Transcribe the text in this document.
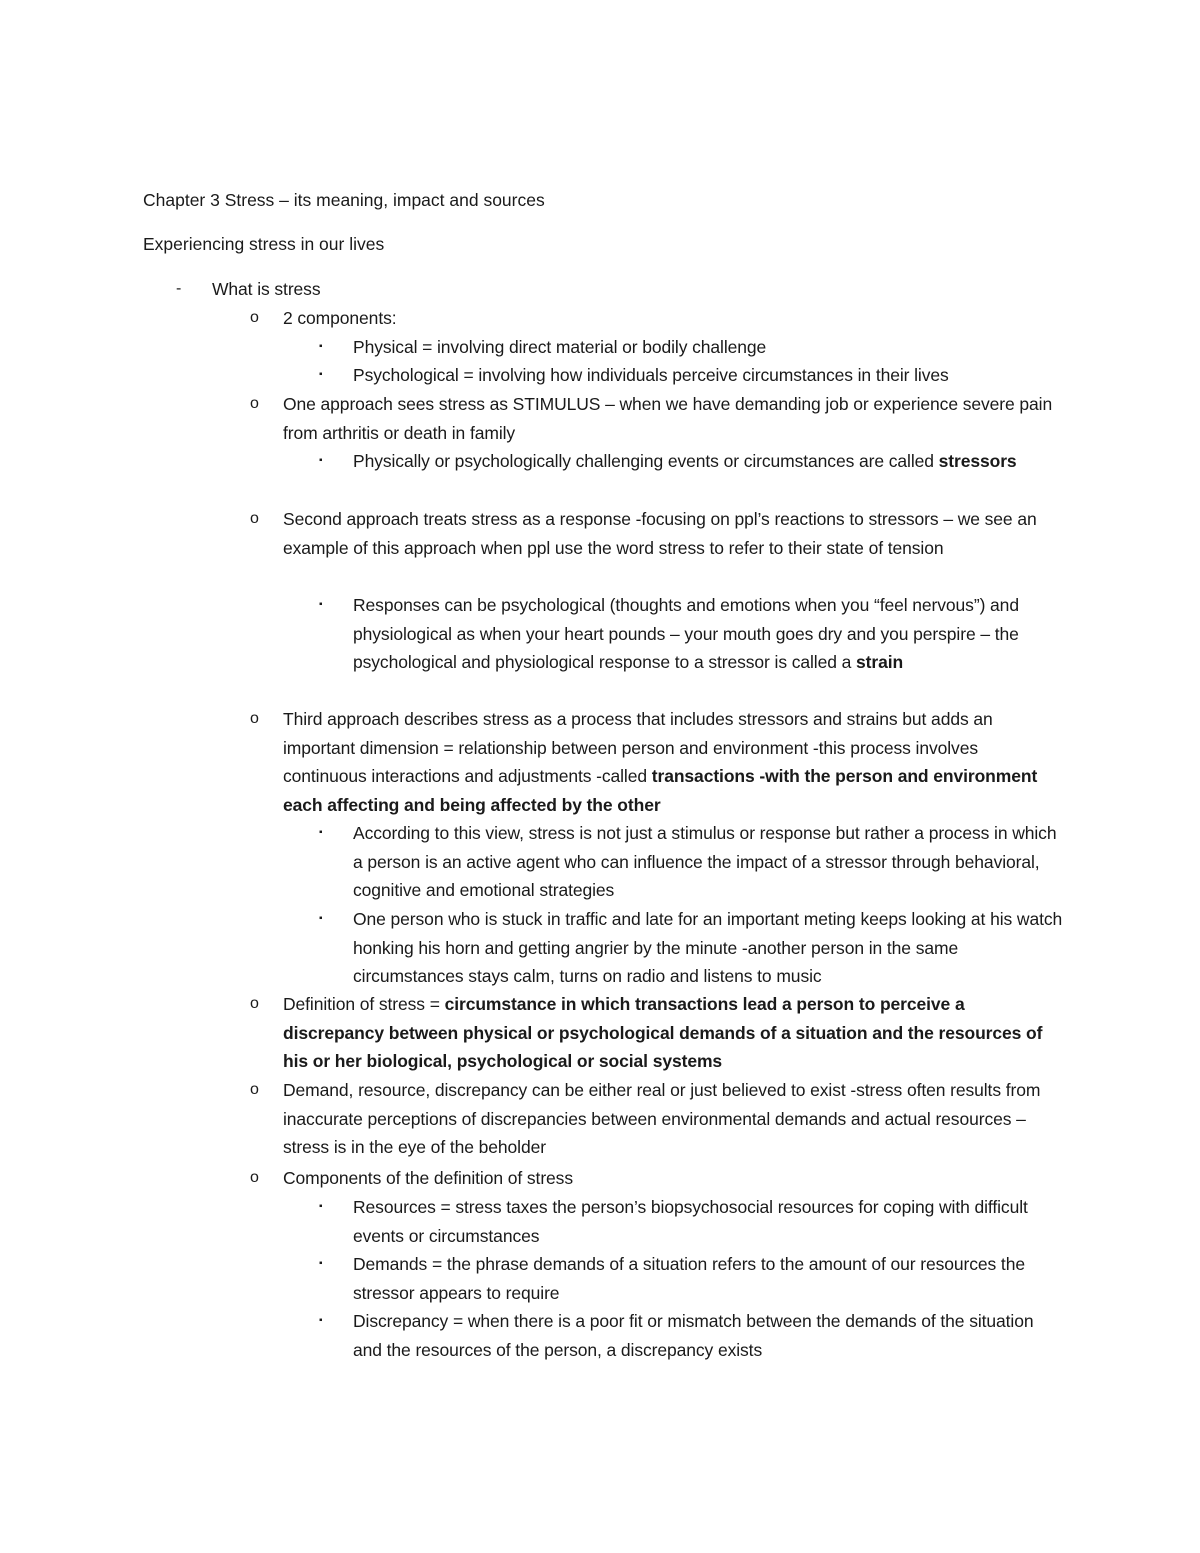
Chapter 3 Stress – its meaning, impact and sources
Experiencing stress in our lives
- What is stress
o 2 components:
▪ Physical = involving direct material or bodily challenge
▪ Psychological = involving how individuals perceive circumstances in their lives
o One approach sees stress as STIMULUS – when we have demanding job or experience severe pain from arthritis or death in family
▪ Physically or psychologically challenging events or circumstances are called stressors
o Second approach treats stress as a response -focusing on ppl’s reactions to stressors – we see an example of this approach when ppl use the word stress to refer to their state of tension
▪ Responses can be psychological (thoughts and emotions when you “feel nervous”) and physiological as when your heart pounds – your mouth goes dry and you perspire – the psychological and physiological response to a stressor is called a strain
o Third approach describes stress as a process that includes stressors and strains but adds an important dimension = relationship between person and environment -this process involves continuous interactions and adjustments -called transactions -with the person and environment each affecting and being affected by the other
▪ According to this view, stress is not just a stimulus or response but rather a process in which a person is an active agent who can influence the impact of a stressor through behavioral, cognitive and emotional strategies
▪ One person who is stuck in traffic and late for an important meting keeps looking at his watch honking his horn and getting angrier by the minute -another person in the same circumstances stays calm, turns on radio and listens to music
o Definition of stress = circumstance in which transactions lead a person to perceive a discrepancy between physical or psychological demands of a situation and the resources of his or her biological, psychological or social systems
o Demand, resource, discrepancy can be either real or just believed to exist -stress often results from inaccurate perceptions of discrepancies between environmental demands and actual resources – stress is in the eye of the beholder
o Components of the definition of stress
▪ Resources = stress taxes the person’s biopsychosocial resources for coping with difficult events or circumstances
▪ Demands = the phrase demands of a situation refers to the amount of our resources the stressor appears to require
▪ Discrepancy = when there is a poor fit or mismatch between the demands of the situation and the resources of the person, a discrepancy exists
